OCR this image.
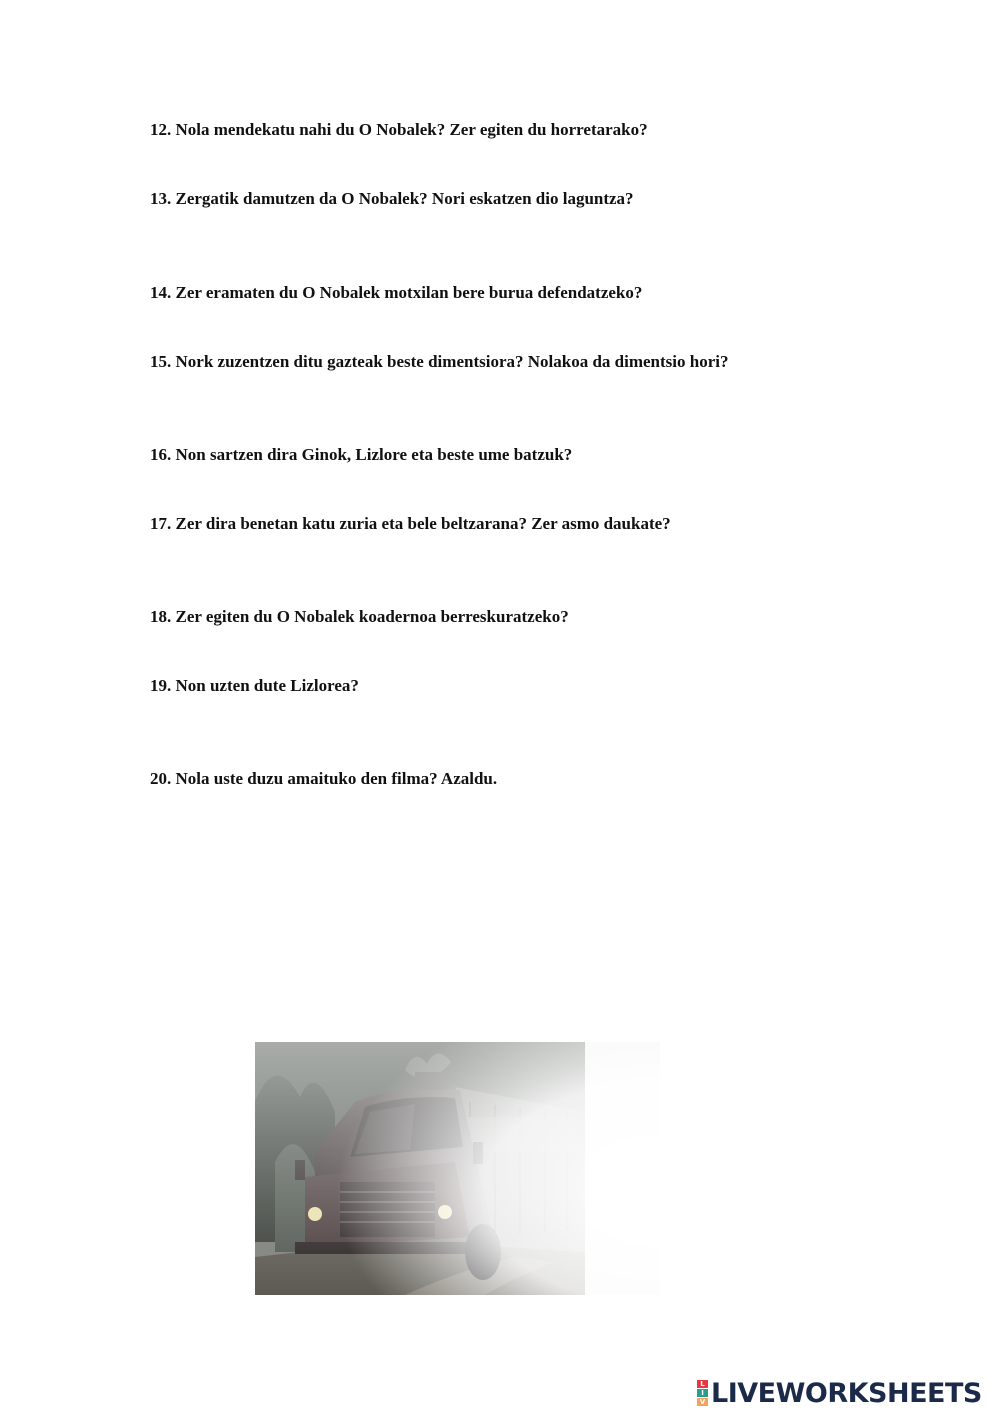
12. Nola mendekatu nahi du O Nobalek? Zer egiten du horretarako?

13. Zergatik damutzen da O Nobalek? Nori eskatzen dio laguntza?

14. Zer eramaten du O Nobalek motxilan bere burua defendatzeko?

15. Nork zuzentzen ditu gazteak beste dimentsiora? Nolakoa da dimentsio hori?

16. Non sartzen dira Ginok, Lizlore eta beste ume batzuk?

17. Zer dira benetan katu zuria eta bele beltzarana? Zer asmo daukate?

18. Zer egiten du O Nobalek koadernoa berreskuratzeko?

19. Non uzten dute Lizlorea?

20. Nola uste duzu amaituko den filma? Azaldu.

L
I
V LIVEWORKSHEETS
